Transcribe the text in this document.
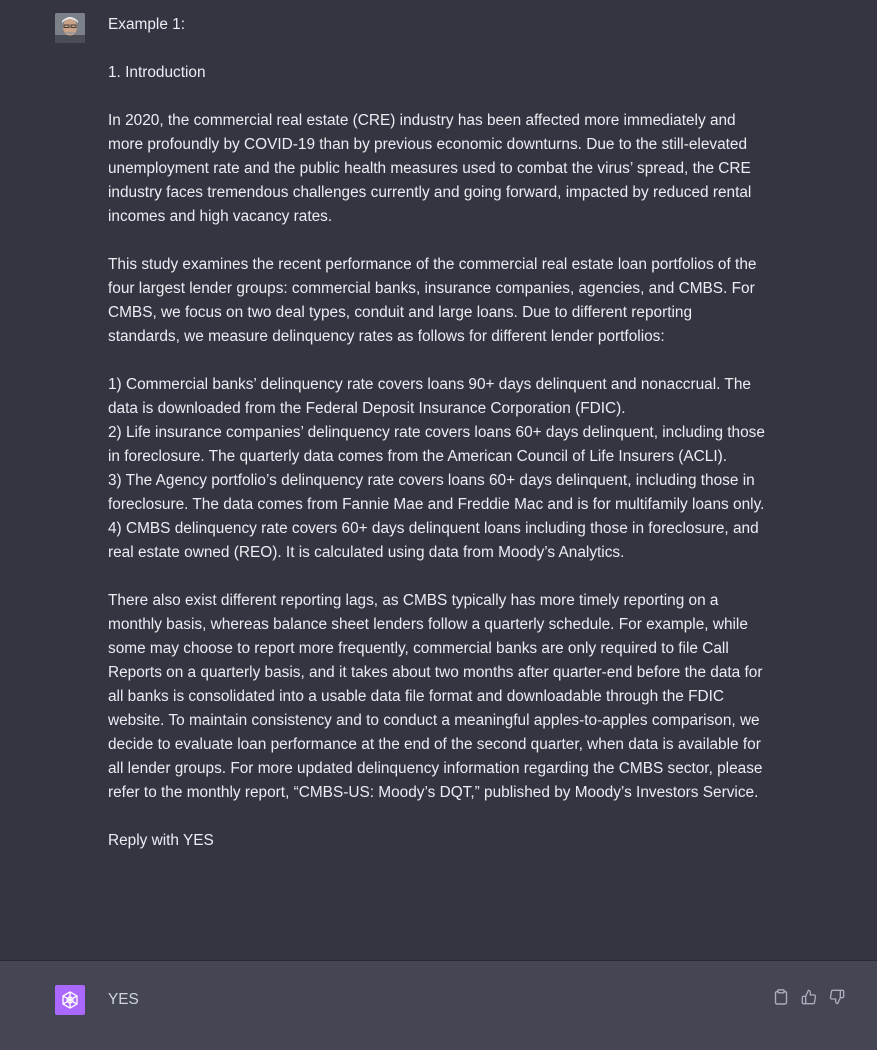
Example 1:

1. Introduction

In 2020, the commercial real estate (CRE) industry has been affected more immediately and more profoundly by COVID-19 than by previous economic downturns. Due to the still-elevated unemployment rate and the public health measures used to combat the virus’ spread, the CRE industry faces tremendous challenges currently and going forward, impacted by reduced rental incomes and high vacancy rates.

This study examines the recent performance of the commercial real estate loan portfolios of the four largest lender groups: commercial banks, insurance companies, agencies, and CMBS. For CMBS, we focus on two deal types, conduit and large loans. Due to different reporting standards, we measure delinquency rates as follows for different lender portfolios:

1) Commercial banks’ delinquency rate covers loans 90+ days delinquent and nonaccrual. The data is downloaded from the Federal Deposit Insurance Corporation (FDIC).

2) Life insurance companies’ delinquency rate covers loans 60+ days delinquent, including those in foreclosure. The quarterly data comes from the American Council of Life Insurers (ACLI).

3) The Agency portfolio’s delinquency rate covers loans 60+ days delinquent, including those in foreclosure. The data comes from Fannie Mae and Freddie Mac and is for multifamily loans only.

4) CMBS delinquency rate covers 60+ days delinquent loans including those in foreclosure, and real estate owned (REO). It is calculated using data from Moody’s Analytics.

There also exist different reporting lags, as CMBS typically has more timely reporting on a monthly basis, whereas balance sheet lenders follow a quarterly schedule. For example, while some may choose to report more frequently, commercial banks are only required to file Call Reports on a quarterly basis, and it takes about two months after quarter-end before the data for all banks is consolidated into a usable data file format and downloadable through the FDIC website. To maintain consistency and to conduct a meaningful apples-to-apples comparison, we decide to evaluate loan performance at the end of the second quarter, when data is available for all lender groups. For more updated delinquency information regarding the CMBS sector, please refer to the monthly report, “CMBS-US: Moody’s DQT,” published by Moody’s Investors Service.

Reply with YES

YES
